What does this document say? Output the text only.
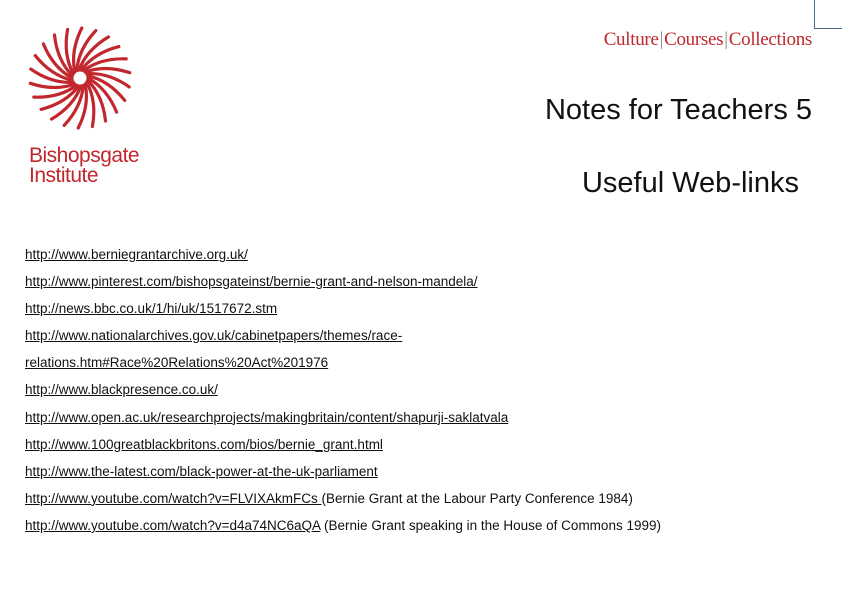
Bishopsgate
Institute
Culture|Courses|Collections
Notes for Teachers 5
Useful Web-links
http://www.berniegrantarchive.org.uk/
http://www.pinterest.com/bishopsgateinst/bernie-grant-and-nelson-mandela/
http://news.bbc.co.uk/1/hi/uk/1517672.stm
http://www.nationalarchives.gov.uk/cabinetpapers/themes/race-
relations.htm#Race%20Relations%20Act%201976
http://www.blackpresence.co.uk/
http://www.open.ac.uk/researchprojects/makingbritain/content/shapurji-saklatvala
http://www.100greatblackbritons.com/bios/bernie_grant.html
http://www.the-latest.com/black-power-at-the-uk-parliament
http://www.youtube.com/watch?v=FLVIXAkmFCs (Bernie Grant at the Labour Party Conference 1984)
http://www.youtube.com/watch?v=d4a74NC6aQA (Bernie Grant speaking in the House of Commons 1999)
